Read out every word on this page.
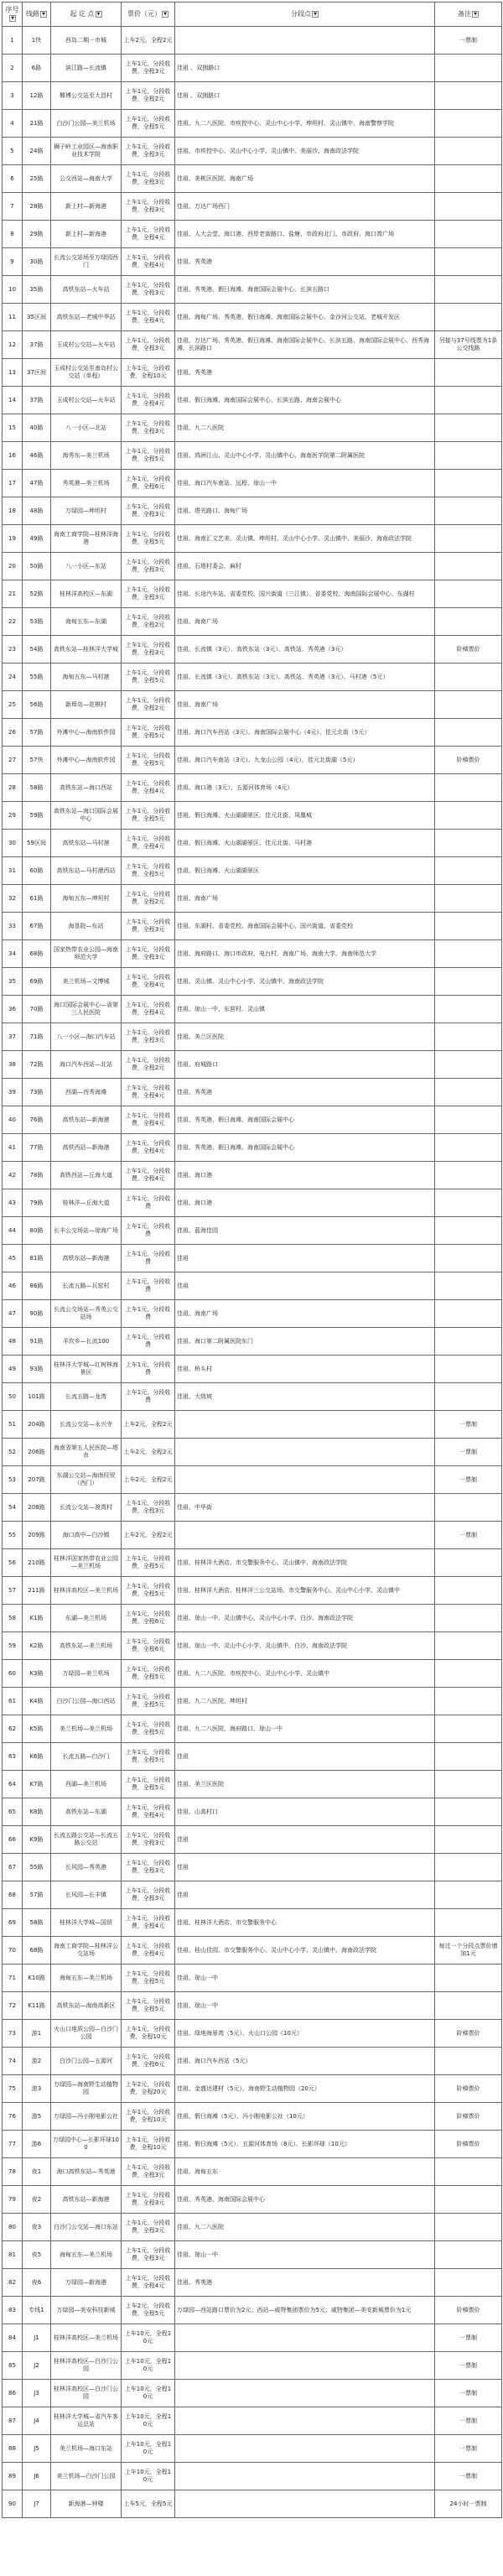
序号▼	线路 ▼	起 讫 点 ▼	票价（元） ▼	分段点 ▼	备注 ▼
1	1快	西岛二期一市城	上车2元，全程2元		一票制
2	6路	滨江路—长流镇	上车1元，分段收费，全程3元	佳祖 、双拥路口	
3	12路	椰博公交站至大昌村	上车1元，分段收费，全程2元	佳祖 、双拥路口	
4	21路	白沙门公园—美兰机场	上车1元，分段收费，全程5元	佳祖、九二八医院、市疾控中心、灵山中心小学、坤坦村、灵山镇中、海南警察学院	
5	24路	狮子岭工业园区—海南职业技术学院	上车1元，分段收费，全程3元	佳祖、市疾控中心、灵山中心小学、灵山镇中、美丽沙、海南政法学院	
6	25路	公交西站—海南大学	上车1元，分段收费，全程3元	佳祖、美桃区医院、海南广场	
7	28路	新上村—新海港	上车1元，分段收费，全程3元	佳祖、万达广场西门	
8	29路	新上村—新海港	上车1元，分段收费，全程4元	佳祖、人大会堂、海口港、西岸老街路口、盐塘、市政府北门、市政府、海口湾广场	
9	30路	长流公交站场至万绿园西门	上车1元，分段收费，全程4元	佳祖、秀英港	
10	35路	高铁东站—火车站	上车1元，分段收费，全程3元	佳祖、秀英港、假日海滩、海南国际会展中心、长滨五路口	
11	35区间	高铁东站—老城中华站	上车1元，分段收费，全程4元	佳祖、海甸广场、秀英港、假日海滩、海南国际会展中心、金沙河公交站、老城开发区	
12	37路	玉成村公交站—火车站	上车1元，分段收费，全程3元	佳祖、万达广场、秀英港、假日海滩、海南国际会展中心、长滨五路、海南国际会展中心、西秀海滩、长滨路口	另接与37号线票为1条公交线路
13	37区间	玉成村公交站至南岛村公交站（单程）	上车1元，分段收费，全程10元	佳祖、秀英港	
14	37路	玉成村公交站—火车站	上车1元，分段收费，全程4元	佳祖、假日海滩、海南国际会展中心、长滨五路、海南会展中心	
15	40路	八一小区—北站	上车1元，分段收费，全程3元	佳祖、九二八医院	
16	46路	海秀东—美兰机场	上车1元，分段收费，全程5元	佳祖、鸿洲江山、灵山中心小学、灵山镇中心、海南医学院第二附属医院	
17	47路	秀英港—美兰机场	上车1元，分段收费，全程6元	佳祖、海口汽车南站、远程、琼山一中	
18	48路	万绿园—坤坦村	上车1元，分段收费，全程3元	佳祖、塔光路口、海甸广场	
19	49路	海南工商学院—桂林洋海港	上车1元，分段收费，全程5元	佳祖、海南汇文艺美、灵山镇、坤坦村、灵山中心小学、灵山镇中、美丽沙、海南政法学院	
20	50路	八一小区—东站	上车1元，分段收费，全程3元	佳祖、石塔村委会、麻村	
21	52路	桂林洋高校区—东湖	上车1元，分段收费，全程3元	佳祖、长途汽车站、省委党校、国兴街道（三江镇）、省委党校、海南国际会展中心、东湖村	
22	53路	海甸五东—东湖	上车1元，分段收费，全程2元	佳祖、海南广场	
23	54路	高铁东站—桂林洋大学城	上车1元，分段收费，全程3元	佳祖、长流镇（3元）、高铁东站（3元）、高铁站、秀英港（3元）	阶梯票价
24	55路	海甸五东—马村港	上车1元，分段收费，全程5元	佳祖、长流镇（3元）、高铁东站（3元）、高铁站、秀英港（3元）、马村港（5元）	
25	56路	新埠岛—花棋村	上车1元，分段收费，全程2元	佳祖、海南广场	
26	57路	外滩中心—海南软件园	上车1元，分段收费，全程5元	佳祖、海口汽车西站（3元）、海南国际会展中心（4元）、佳元北街（5元）	
27	57快	外滩中心—海南软件园	上车1元，分段收费，全程5元	佳祖、海口汽车南站（3元）、九龙山公园（4元）、佳元北街湖（5元）	阶梯票价
28	58路	高铁东站—海口西站	上车1元，分段收费，全程4元	佳祖、海口港（3元）、五源河体育场（4元）	
29	59路	高铁东站—海口国际会展中心	上车1元，分段收费，全程5元	佳祖、假日海滩、火山湖湖景区、佳元北街、凤凰城	
30	59区间	高铁东站—马村港	上车1元，分段收费，全程4元	佳祖、假日海滩、火山湖湖景区、佳元北街、马村港	
31	60路	高铁东站—马村港西站	上车1元，分段收费，全程5元	佳祖、假日海滩、火山湖湖景区	
32	61路	海甸五东—坤坦村	上车1元，分段收费，全程2元	佳祖、海南广场	
33	67路	海垦院—东站	上车1元，分段收费，全程3元	佳祖、东湖村、省委党校、海南国际会展中心、国兴街道、省委党校	
34	68路	国家热带农业公园—海南师范大学	上车1元，分段收费，全程3元	佳祖、海府路口、海口市政府、电台村、海南广场、海南大学、海南师范大学	
35	69路	美兰机场—文博城	上车1元，分段收费，全程4元	佳祖、灵山镇、灵山中心小学、灵山镇中、海南政法学院	
36	70路	海口国际会展中心—省第三人民医院	上车1元，分段收费，全程4元	佳祖、琼山一中、东营村、灵山镇	
37	71路	八一小区—海口汽车站	上车1元，分段收费，全程3元	佳祖、美兰区医院	
38	72路	海口汽车西站—北站	上车1元，分段收费，全程2元	佳祖、府城路口	
39	73路	西湖—西秀海滩	上车1元，分段收费，全程4元	佳祖、秀英港	
40	76路	高铁东站—新海港	上车1元，分段收费，全程4元	佳祖、秀英港、假日海滩、海南国际会展中心	
41	77路	高铁西站—新海港	上车1元，分段收费，全程4元	佳祖、秀英港、假日海滩、海南国际会展中心	
42	78路	高铁西站—丘海大道	上车1元，分段收费，全程4元	佳祖、海口港	
43	79路	桂林洋—丘海大道	上车1元，分段收费	佳祖、海口港	
44	80路	长丰公交场站—琼海广场	上车1元，分段收费	佳祖、蓝海佳园	
45	81路	高铁东站—新海港	上车1元，分段收费	佳祖	
46	86路	长流五路—瓦窑村	上车1元，分段收费	佳祖	
47	90路	长流公交场站—秀英公交站场	上车1元，分段收费	佳祖、海南广场	
48	91路	羊坎乡—长流100	上车1元，分段收费	佳祖、海口第二附属医院东门	
49	93路	桂林洋大学城—红树林海景区	上车1元，分段收费	佳祖、桥头村	
50	101路	长流五路—龙湾	上车1元，分段收费	佳祖、大致坡	
51	204路	长流公交站—永兴寺	上车2元，全程2元		一票制
52	206路	海南省第五人民医院—塔市	上车2元，全程2元		一票制
53	207路	东湖公交站—海南经贸（西门）	上车2元，全程2元		一票制
54	208路	长流公交站—渡湾村	上车1元，分段收费，全程3元	佳祖、中华街	
55	209路	海口高中—白沙镇	上车2元，全程2元		一票制
56	210路	桂林洋国家热带农业公园—美兰机场	上车1元，分段收费，全程5元	佳祖、桂林洋大酒店、市交警服务中心、灵山镇中、海南政法学院	
57	211路	桂林洋高校区—美兰机场	上车1元，分段收费，全程5元	佳祖、桂林洋大酒店、桂林洋三公交站场、市交警服务中心、灵山中心小学、灵山镇中	
58	K1路	东湖—美兰机场	上车1元，分段收费，全程6元	佳祖、琼山一中、灵山镇中心、灵山中心小学、白沙、海南政法学院	
59	K2路	高铁东站—美兰机场	上车1元，分段收费，全程6元	佳祖、琼山一中、灵山中心小学、灵山镇中、白沙、海南政法学院	
60	K3路	万绿园—美兰机场	上车1元，分段收费，全程5元	佳祖、九二八医院、市疾控中心、灵山中心小学、灵山镇中	
61	K4路	白沙门公园—海口西站	上车1元，分段收费，全程5元	佳祖、九二八医院、坤坦村	
62	K5路	美兰机场—美兰机场	上车1元，分段收费，全程5元	佳祖、九二八医院、海府路口、琼山一中	
63	K6路	长流五路—白沙门	上车1元，分段收费，全程5元	佳祖	
64	K7路	西湖—美兰机场	上车1元，分段收费，全程5元	佳祖、美兰区医院	
65	K8路	高铁东站—东湖	上车1元，分段收费，全程4元	佳祖、山高村口	
66	K9路	长流五路公交站—长流五路公交站	上车1元，分段收费，全程3元	佳祖	
67	55路	长风园—秀英港	上车1元，分段收费，全程3元	佳祖	
68	57路	长风园—长丰镇	上车1元，分段收费，全程3元	佳祖	
69	58路	桂林洋大学城—国贸	上车1元，分段收费，全程4元	佳祖、桂林洋大酒店、市交警服务中心	
70	68路	海南工商学院—桂林洋公交站场	上车1元，分段收费，全程4元	佳祖、桂山佳园、市交警服务中心、灵山中心小学、灵山镇中、海南政法学院	每过一个分段点票价增加1元
71	K10路	海甸五东—美兰机场	上车1元，分段收费，全程5元	佳祖、琼山一中	
72	K11路	高铁东站—海南高新区	上车1元，分段收费，全程5元	佳祖、琼山一中	
73	游1	火山口地质公园—白沙门公园	上车1元，分段收费，全程10元	佳祖、绿地海景湾（5元）、火山口公园（10元）	阶梯票价
74	游2	白沙门公园—五源河	上车1元，分段收费，全程6元	佳祖、海口汽车西站（5元）	
75	游3	万绿园—海南野生动植物园	上车2元，分段收费，全程20元	佳祖、金盛达建材（5元）、海南野生动植物园（20元）	阶梯票价
76	游5	万绿园—冯小刚电影公社	上车1元，分段收费，全程10元	佳祖、假日海滩（5元）、冯小刚电影公社（10元）	阶梯票价
77	游6	万绿园中心—长影环球100	上车1元，分段收费，全程10元	佳祖、假日海滩（5元）、五源河体育场（8元）、长影环球（10元）	阶梯票价
78	夜1	海口高铁东站—秀英港	上车1元，分段收费，全程3元	佳祖、海甸五东	
79	夜2	高铁东站—新海港	上车1元，分段收费，全程3元	佳祖、秀英港、海南国际会展中心	
80	夜3	白沙门公交站—海口东站	上车1元，分段收费，全程3元	佳祖、九二八医院	
81	夜5	海甸五东—美兰机场	上车1元，分段收费，全程3元	佳祖、琼山一中	
82	夜6	万绿园—新海港	上车1元，分段收费，全程4元	佳祖、秀英港	
83	专线1	万绿园—美安科技新城	上车2元，分段收费，全程5元	万绿园—西站路口票价为2元；西站—威特集团票价为5元；威特集团—美安新城票价为1元	阶梯票价
84	J1	桂林洋高校区—美兰机场	上车10元，全程10元		一票制
85	J2	桂林洋高校区—白沙门公园	上车10元，全程10元		一票制
86	J3	桂林洋高校区—白沙门公园	上车10元，全程10元		一票制
87	J4	桂林洋大学城—省汽车客运总站	上车10元，全程10元		一票制
88	J5	美兰机场—海口东站	上车10元，全程10元		一票制
89	J6	美兰机场—白沙门公园	上车10元，全程10元		一票制
90	J7	新海港—钟楼	上车5元，全程5元		24小时一票制
